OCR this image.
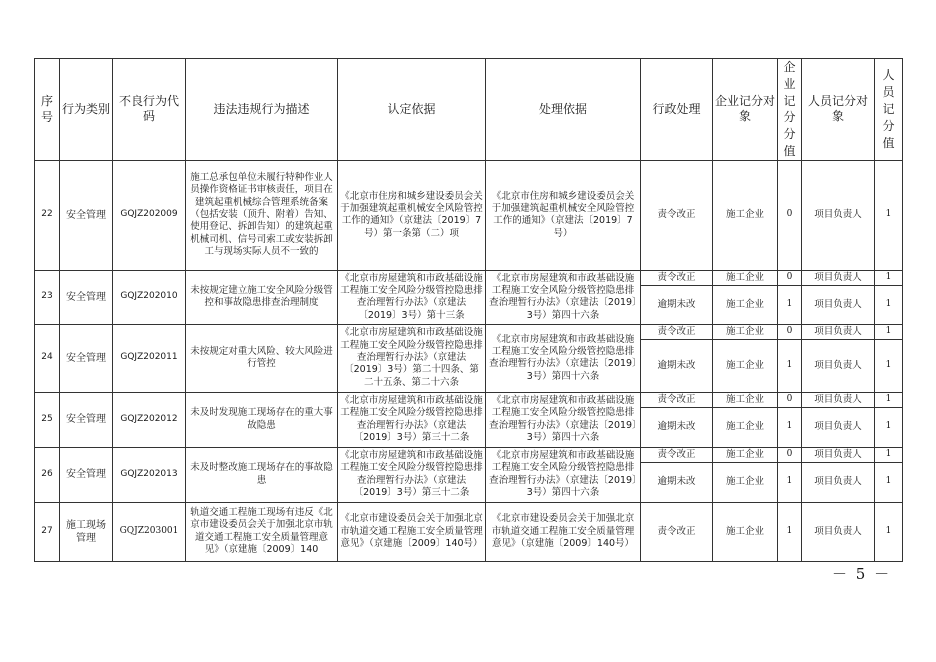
序号	行为类别	不良行为代码	违法违规行为描述	认定依据	处理依据	行政处理	企业记分对象	企业记分分值	人员记分对象	人员记分值

22	安全管理	GQJZ202009	施工总承包单位未履行特种作业人员操作资格证书审核责任，项目在建筑起重机械综合管理系统备案（包括安装（顶升、附着）告知、使用登记、拆卸告知）的建筑起重机械司机、信号司索工或安装拆卸工与现场实际人员不一致的	《北京市住房和城乡建设委员会关于加强建筑起重机械安全风险管控工作的通知》（京建法〔2019〕7号）第一条第（二）项	《北京市住房和城乡建设委员会关于加强建筑起重机械安全风险管控工作的通知》（京建法〔2019〕7号）	责令改正	施工企业	0	项目负责人	1
23	安全管理	GQJZ202010	未按规定建立施工安全风险分级管控和事故隐患排查治理制度	《北京市房屋建筑和市政基础设施工程施工安全风险分级管控隐患排查治理暂行办法》（京建法〔2019〕3号）第十三条	《北京市房屋建筑和市政基础设施工程施工安全风险分级管控隐患排查治理暂行办法》（京建法〔2019〕3号）第四十六条	责令改正	施工企业	0	项目负责人	1
						逾期未改	施工企业	1	项目负责人	1
24	安全管理	GQJZ202011	未按规定对重大风险、较大风险进行管控	《北京市房屋建筑和市政基础设施工程施工安全风险分级管控隐患排查治理暂行办法》（京建法〔2019〕3号）第二十四条、第二十五条、第二十六条	《北京市房屋建筑和市政基础设施工程施工安全风险分级管控隐患排查治理暂行办法》（京建法〔2019〕3号）第四十六条	责令改正	施工企业	0	项目负责人	1
						逾期未改	施工企业	1	项目负责人	1
25	安全管理	GQJZ202012	未及时发现施工现场存在的重大事故隐患	《北京市房屋建筑和市政基础设施工程施工安全风险分级管控隐患排查治理暂行办法》（京建法〔2019〕3号）第三十二条	《北京市房屋建筑和市政基础设施工程施工安全风险分级管控隐患排查治理暂行办法》（京建法〔2019〕3号）第四十六条	责令改正	施工企业	0	项目负责人	1
						逾期未改	施工企业	1	项目负责人	1
26	安全管理	GQJZ202013	未及时整改施工现场存在的事故隐患	《北京市房屋建筑和市政基础设施工程施工安全风险分级管控隐患排查治理暂行办法》（京建法〔2019〕3号）第三十二条	《北京市房屋建筑和市政基础设施工程施工安全风险分级管控隐患排查治理暂行办法》（京建法〔2019〕3号）第四十六条	责令改正	施工企业	0	项目负责人	1
						逾期未改	施工企业	1	项目负责人	1
27	施工现场管理	GQJZ203001	轨道交通工程施工现场有违反《北京市建设委员会关于加强北京市轨道交通工程施工安全质量管理意见》（京建施〔2009〕140	《北京市建设委员会关于加强北京市轨道交通工程施工安全质量管理意见》（京建施〔2009〕140号）	《北京市建设委员会关于加强北京市轨道交通工程施工安全质量管理意见》（京建施〔2009〕140号）	责令改正	施工企业	1	项目负责人	1
－ 5 －
